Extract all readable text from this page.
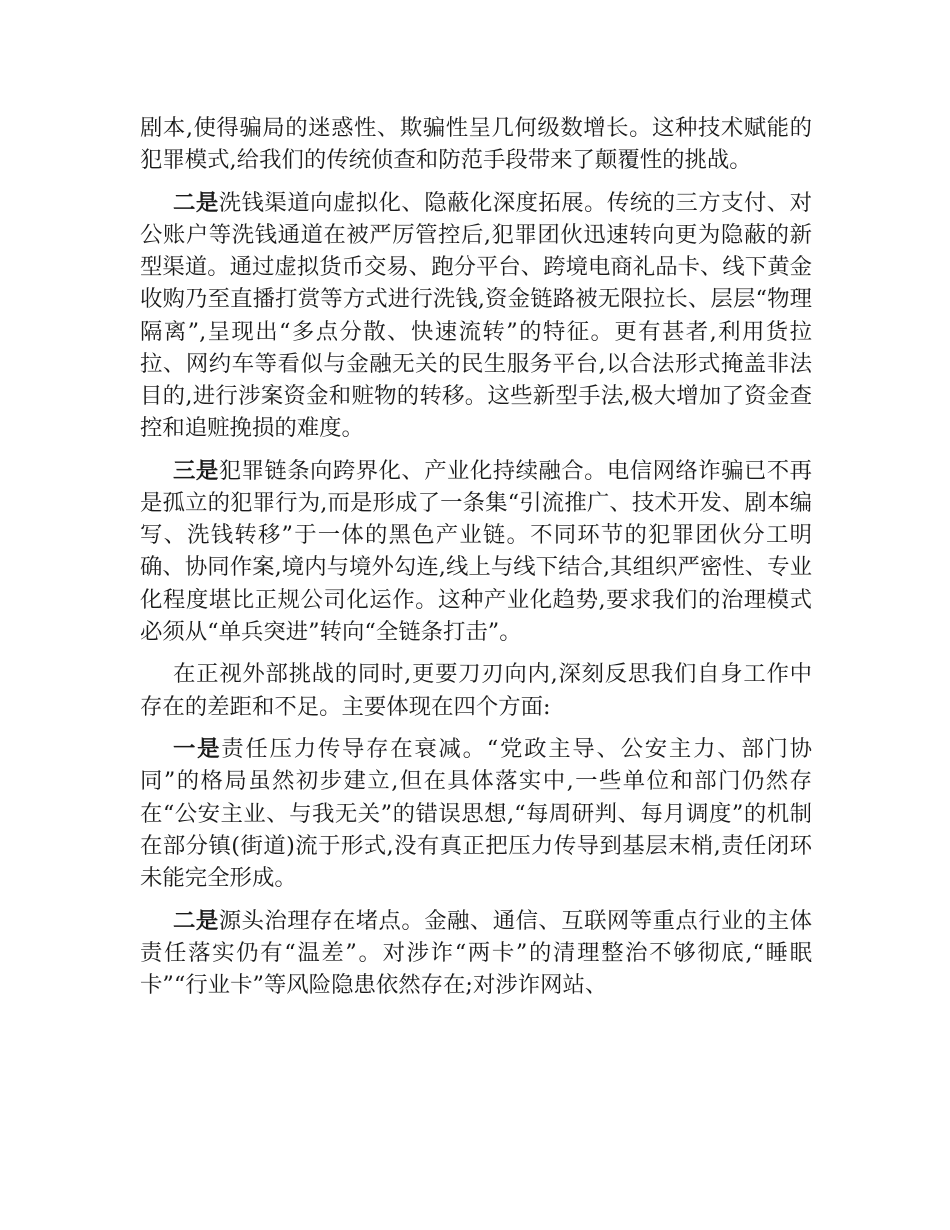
剧本,使得骗局的迷惑性、欺骗性呈几何级数增长。这种技术赋能的犯罪模式,给我们的传统侦查和防范手段带来了颠覆性的挑战。

二是洗钱渠道向虚拟化、隐蔽化深度拓展。传统的三方支付、对公账户等洗钱通道在被严厉管控后,犯罪团伙迅速转向更为隐蔽的新型渠道。通过虚拟货币交易、跑分平台、跨境电商礼品卡、线下黄金收购乃至直播打赏等方式进行洗钱,资金链路被无限拉长、层层“物理隔离”,呈现出“多点分散、快速流转”的特征。更有甚者,利用货拉拉、网约车等看似与金融无关的民生服务平台,以合法形式掩盖非法目的,进行涉案资金和赃物的转移。这些新型手法,极大增加了资金查控和追赃挽损的难度。

三是犯罪链条向跨界化、产业化持续融合。电信网络诈骗已不再是孤立的犯罪行为,而是形成了一条集“引流推广、技术开发、剧本编写、洗钱转移”于一体的黑色产业链。不同环节的犯罪团伙分工明确、协同作案,境内与境外勾连,线上与线下结合,其组织严密性、专业化程度堪比正规公司化运作。这种产业化趋势,要求我们的治理模式必须从“单兵突进”转向“全链条打击”。

在正视外部挑战的同时,更要刀刃向内,深刻反思我们自身工作中存在的差距和不足。主要体现在四个方面:

一是责任压力传导存在衰减。“党政主导、公安主力、部门协同”的格局虽然初步建立,但在具体落实中,一些单位和部门仍然存在“公安主业、与我无关”的错误思想,“每周研判、每月调度”的机制在部分镇(街道)流于形式,没有真正把压力传导到基层末梢,责任闭环未能完全形成。

二是源头治理存在堵点。金融、通信、互联网等重点行业的主体责任落实仍有“温差”。对涉诈“两卡”的清理整治不够彻底,“睡眠卡”“行业卡”等风险隐患依然存在;对涉诈网站、
